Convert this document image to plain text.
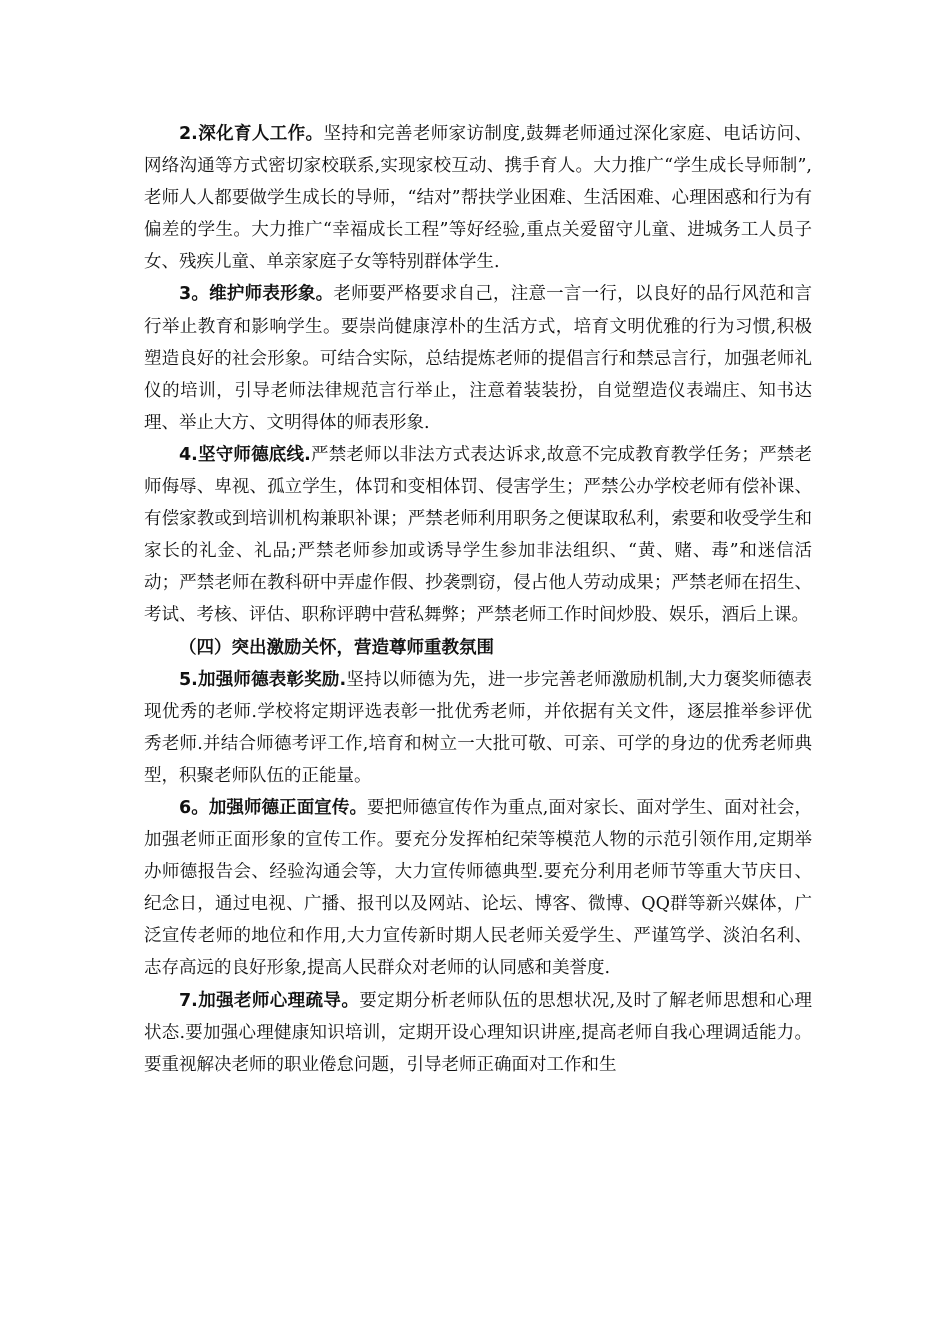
2.深化育人工作。坚持和完善老师家访制度,鼓舞老师通过深化家庭、电话访问、网络沟通等方式密切家校联系,实现家校互动、携手育人。大力推广“学生成长导师制”,老师人人都要做学生成长的导师，“结对”帮扶学业困难、生活困难、心理困惑和行为有偏差的学生。大力推广“幸福成长工程”等好经验,重点关爱留守儿童、进城务工人员子女、残疾儿童、单亲家庭子女等特别群体学生.

3。维护师表形象。老师要严格要求自己，注意一言一行，以良好的品行风范和言行举止教育和影响学生。要崇尚健康淳朴的生活方式，培育文明优雅的行为习惯,积极塑造良好的社会形象。可结合实际，总结提炼老师的提倡言行和禁忌言行，加强老师礼仪的培训，引导老师法律规范言行举止，注意着装装扮，自觉塑造仪表端庄、知书达理、举止大方、文明得体的师表形象.

4.坚守师德底线.严禁老师以非法方式表达诉求,故意不完成教育教学任务；严禁老师侮辱、卑视、孤立学生，体罚和变相体罚、侵害学生；严禁公办学校老师有偿补课、有偿家教或到培训机构兼职补课；严禁老师利用职务之便谋取私利，索要和收受学生和家长的礼金、礼品;严禁老师参加或诱导学生参加非法组织、“黄、赌、毒”和迷信活动；严禁老师在教科研中弄虚作假、抄袭剽窃，侵占他人劳动成果；严禁老师在招生、考试、考核、评估、职称评聘中营私舞弊；严禁老师工作时间炒股、娱乐，酒后上课。

（四）突出激励关怀，营造尊师重教氛围

5.加强师德表彰奖励.坚持以师德为先，进一步完善老师激励机制,大力褒奖师德表现优秀的老师.学校将定期评选表彰一批优秀老师，并依据有关文件，逐层推举参评优秀老师.并结合师德考评工作,培育和树立一大批可敬、可亲、可学的身边的优秀老师典型，积聚老师队伍的正能量。

6。加强师德正面宣传。要把师德宣传作为重点,面对家长、面对学生、面对社会，加强老师正面形象的宣传工作。要充分发挥柏纪荣等模范人物的示范引领作用,定期举办师德报告会、经验沟通会等，大力宣传师德典型.要充分利用老师节等重大节庆日、纪念日，通过电视、广播、报刊以及网站、论坛、博客、微博、QQ群等新兴媒体，广泛宣传老师的地位和作用,大力宣传新时期人民老师关爱学生、严谨笃学、淡泊名利、志存高远的良好形象,提高人民群众对老师的认同感和美誉度.

7.加强老师心理疏导。要定期分析老师队伍的思想状况,及时了解老师思想和心理状态.要加强心理健康知识培训，定期开设心理知识讲座,提高老师自我心理调适能力。要重视解决老师的职业倦怠问题，引导老师正确面对工作和生
